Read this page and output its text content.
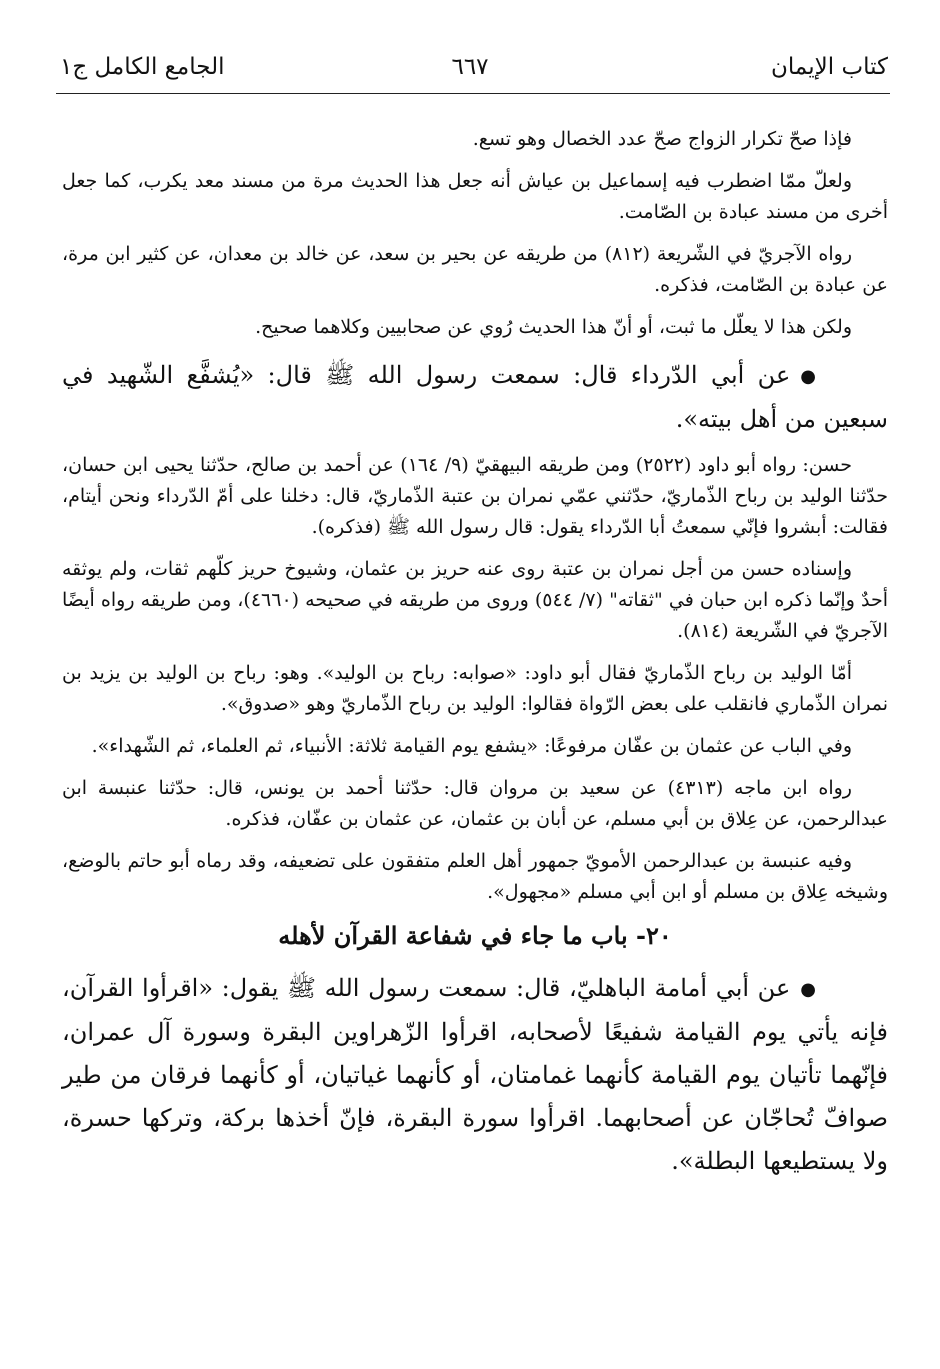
كتاب الإيمان
٦٦٧
الجامع الكامل ج١

فإذا صحّ تكرار الزواج صحّ عدد الخصال وهو تسع.

ولعلّ ممّا اضطرب فيه إسماعيل بن عياش أنه جعل هذا الحديث مرة من مسند معد يكرب، كما جعل أخرى من مسند عبادة بن الصّامت.

رواه الآجريّ في الشّريعة (٨١٢) من طريقه عن بحير بن سعد، عن خالد بن معدان، عن كثير ابن مرة، عن عبادة بن الصّامت، فذكره.

ولكن هذا لا يعلّل ما ثبت، أو أنّ هذا الحديث رُوي عن صحابيين وكلاهما صحيح.

●عن أبي الدّرداء قال: سمعت رسول الله ﷺ قال: «يُشفَّع الشّهيد في سبعين من أهل بيته».

حسن: رواه أبو داود (٢٥٢٢) ومن طريقه البيهقيّ (٩/ ١٦٤) عن أحمد بن صالح، حدّثنا يحيى ابن حسان، حدّثنا الوليد بن رباح الذّماريّ، حدّثني عمّي نمران بن عتبة الذّماريّ، قال: دخلنا على أمّ الدّرداء ونحن أيتام، فقالت: أبشروا فإنّي سمعتُ أبا الدّرداء يقول: قال رسول الله ﷺ (فذكره).

وإسناده حسن من أجل نمران بن عتبة روى عنه حريز بن عثمان، وشيوخ حريز كلّهم ثقات، ولم يوثقه أحدٌ وإنّما ذكره ابن حبان في "ثقاته" (٧/ ٥٤٤) وروى من طريقه في صحيحه (٤٦٦٠)، ومن طريقه رواه أيضًا الآجريّ في الشّريعة (٨١٤).

أمّا الوليد بن رباح الذّماريّ فقال أبو داود: «صوابه: رباح بن الوليد». وهو: رباح بن الوليد بن يزيد بن نمران الذّماري فانقلب على بعض الرّواة فقالوا: الوليد بن رباح الذّماريّ وهو «صدوق».

وفي الباب عن عثمان بن عفّان مرفوعًا: «يشفع يوم القيامة ثلاثة: الأنبياء، ثم العلماء، ثم الشّهداء».

رواه ابن ماجه (٤٣١٣) عن سعيد بن مروان قال: حدّثنا أحمد بن يونس، قال: حدّثنا عنبسة ابن عبدالرحمن، عن عِلاق بن أبي مسلم، عن أبان بن عثمان، عن عثمان بن عفّان، فذكره.

وفيه عنبسة بن عبدالرحمن الأمويّ جمهور أهل العلم متفقون على تضعيفه، وقد رماه أبو حاتم بالوضع، وشيخه عِلاق بن مسلم أو ابن أبي مسلم «مجهول».

٢٠- باب ما جاء في شفاعة القرآن لأهله
●عن أبي أمامة الباهليّ، قال: سمعت رسول الله ﷺ يقول: «اقرأوا القرآن، فإنه يأتي يوم القيامة شفيعًا لأصحابه، اقرأوا الزّهراوين البقرة وسورة آل عمران، فإنّهما تأتيان يوم القيامة كأنهما غمامتان، أو كأنهما غياتيان، أو كأنهما فرقان من طير صوافّ تُحاجّان عن أصحابهما. اقرأوا سورة البقرة، فإنّ أخذها بركة، وتركها حسرة، ولا يستطيعها البطلة».
